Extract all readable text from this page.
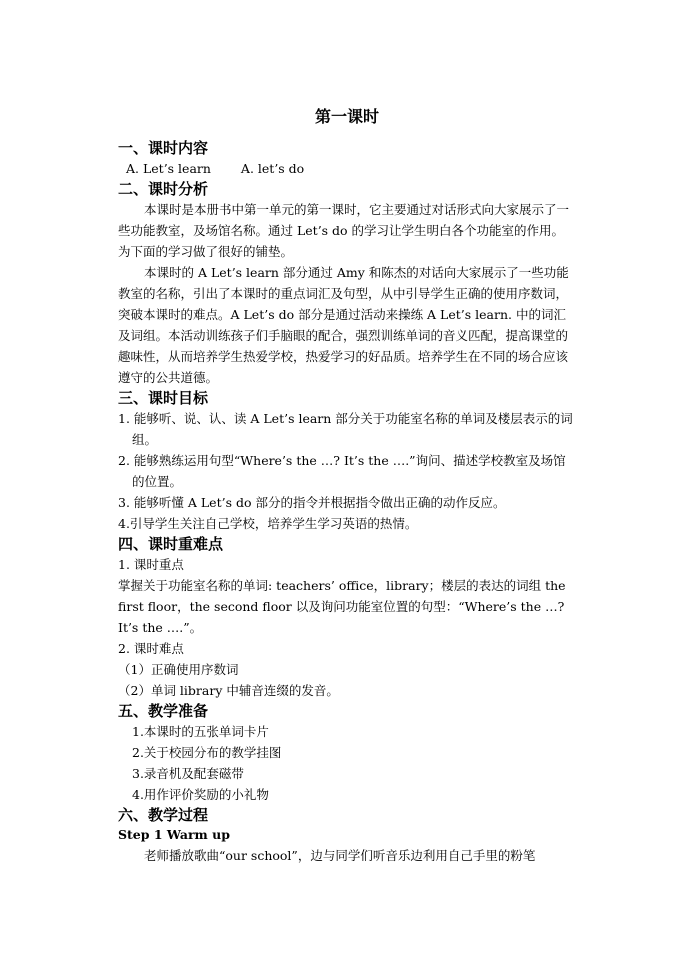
第一课时
一、课时内容
A. Let’s learn A. let’s do
二、课时分析
本课时是本册书中第一单元的第一课时，它主要通过对话形式向大家展示了一些功能教室，及场馆名称。通过 Let’s do 的学习让学生明白各个功能室的作用。为下面的学习做了很好的铺垫。
本课时的 A Let’s learn 部分通过 Amy 和陈杰的对话向大家展示了一些功能教室的名称，引出了本课时的重点词汇及句型，从中引导学生正确的使用序数词，突破本课时的难点。A Let’s do 部分是通过活动来操练 A Let’s learn. 中的词汇及词组。本活动训练孩子们手脑眼的配合，强烈训练单词的音义匹配，提高课堂的趣味性，从而培养学生热爱学校，热爱学习的好品质。培养学生在不同的场合应该遵守的公共道德。
三、课时目标
1. 能够听、说、认、读 A Let’s learn 部分关于功能室名称的单词及楼层表示的词组。
2. 能够熟练运用句型“Where’s the …? It’s the ….”询问、描述学校教室及场馆的位置。
3. 能够听懂 A Let’s do 部分的指令并根据指令做出正确的动作反应。
4.引导学生关注自己学校，培养学生学习英语的热情。
四、课时重难点
1. 课时重点
掌握关于功能室名称的单词: teachers’ office，library；楼层的表达的词组 the first floor，the second floor 以及询问功能室位置的句型：“Where’s the …? It’s the ….”。
2. 课时难点
（1）正确使用序数词
（2）单词 library 中辅音连缀的发音。
五、教学准备
1.本课时的五张单词卡片
2.关于校园分布的教学挂图
3.录音机及配套磁带
4.用作评价奖励的小礼物
六、教学过程
Step 1 Warm up
老师播放歌曲“our school”，边与同学们听音乐边利用自己手里的粉笔
